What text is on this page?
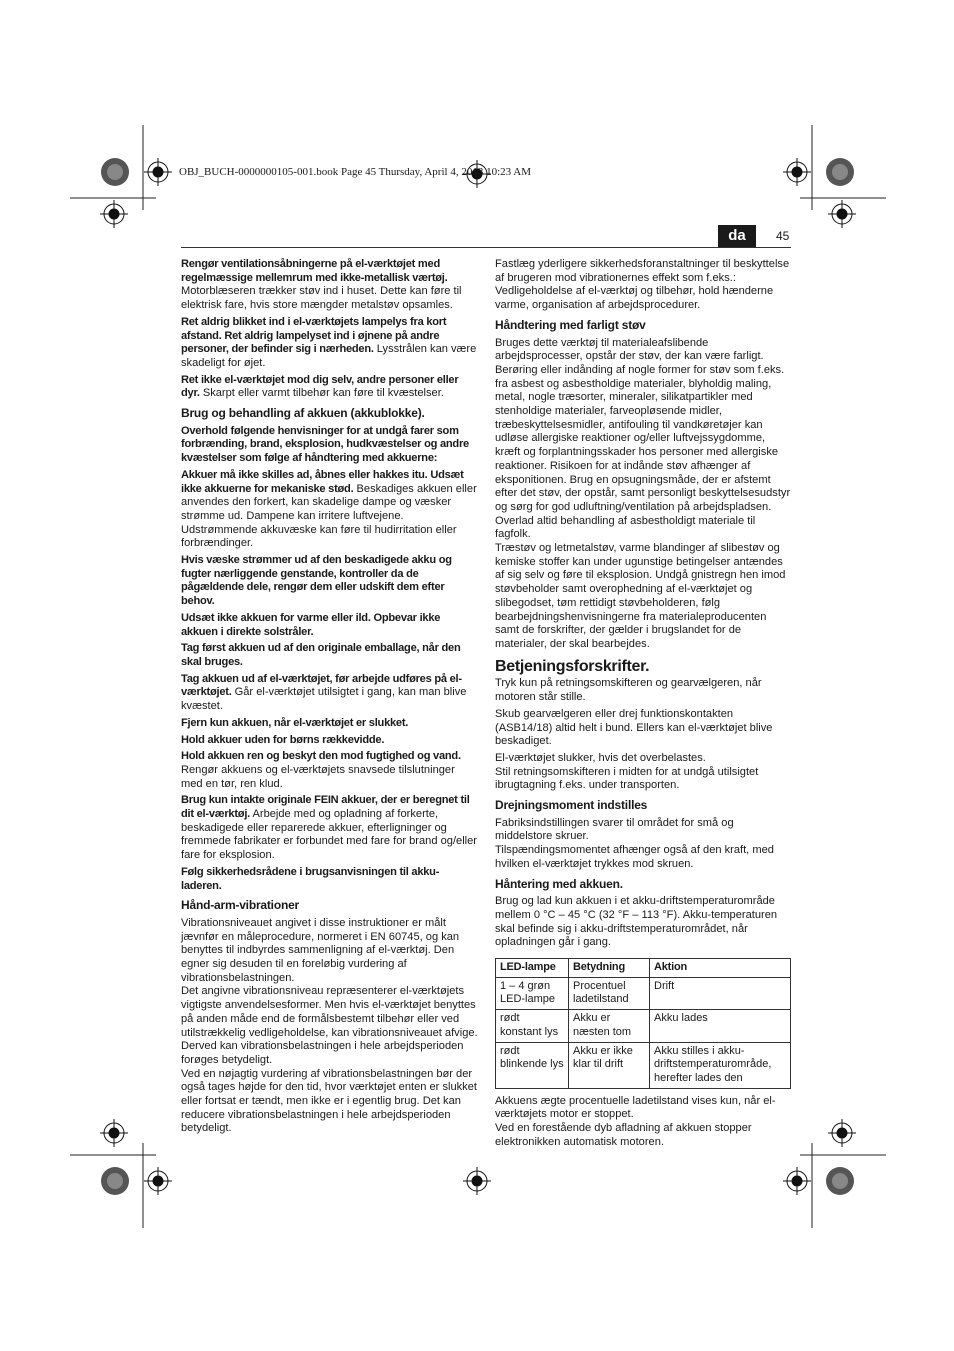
OBJ_BUCH-0000000105-001.book Page 45 Thursday, April 4, 2013 10:23 AM
da	45

Rengør ventilationsåbningerne på el-værktøjet med regelmæssige mellemrum med ikke-metallisk værtøj. Motorblæseren trækker støv ind i huset. Dette kan føre til elektrisk fare, hvis store mængder metalstøv opsamles.

Ret aldrig blikket ind i el-værktøjets lampelys fra kort afstand. Ret aldrig lampelyset ind i øjnene på andre personer, der befinder sig i nærheden. Lysstrålen kan være skadeligt for øjet.

Ret ikke el-værktøjet mod dig selv, andre personer eller dyr. Skarpt eller varmt tilbehør kan føre til kvæstelser.

Brug og behandling af akkuen (akkublokke).

Overhold følgende henvisninger for at undgå farer som forbrænding, brand, eksplosion, hudkvæstelser og andre kvæstelser som følge af håndtering med akkuerne:

Akkuer må ikke skilles ad, åbnes eller hakkes itu. Udsæt ikke akkuerne for mekaniske stød. Beskadiges akkuen eller anvendes den forkert, kan skadelige dampe og væsker strømme ud. Dampene kan irritere luftvejene. Udstrømmende akkuvæske kan føre til hudirritation eller forbrændinger.

Hvis væske strømmer ud af den beskadigede akku og fugter nærliggende genstande, kontroller da de pågældende dele, rengør dem eller udskift dem efter behov.

Udsæt ikke akkuen for varme eller ild. Opbevar ikke akkuen i direkte solstråler.

Tag først akkuen ud af den originale emballage, når den skal bruges.

Tag akkuen ud af el-værktøjet, før arbejde udføres på el-værktøjet. Går el-værktøjet utilsigtet i gang, kan man blive kvæstet.

Fjern kun akkuen, når el-værktøjet er slukket.

Hold akkuer uden for børns rækkevidde.

Hold akkuen ren og beskyt den mod fugtighed og vand. Rengør akkuens og el-værktøjets snavsede tilslutninger med en tør, ren klud.

Brug kun intakte originale FEIN akkuer, der er beregnet til dit el-værktøj. Arbejde med og opladning af forkerte, beskadigede eller reparerede akkuer, efterligninger og fremmede fabrikater er forbundet med fare for brand og/eller fare for eksplosion.

Følg sikkerhedsrådene i brugsanvisningen til akku-laderen.

Hånd-arm-vibrationer

Vibrationsniveauet angivet i disse instruktioner er målt jævnfør en måleprocedure, normeret i EN 60745, og kan benyttes til indbyrdes sammenligning af el-værktøj. Den egner sig desuden til en foreløbig vurdering af vibrationsbelastningen.

Det angivne vibrationsniveau repræsenterer el-værktøjets vigtigste anvendelsesformer. Men hvis el-værktøjet benyttes på anden måde end de formålsbestemt tilbehør eller ved utilstrækkelig vedligeholdelse, kan vibrationsniveauet afvige. Derved kan vibrationsbelastningen i hele arbejdsperioden forøges betydeligt.

Ved en nøjagtig vurdering af vibrationsbelastningen bør der også tages højde for den tid, hvor værktøjet enten er slukket eller fortsat er tændt, men ikke er i egentlig brug. Det kan reducere vibrationsbelastningen i hele arbejdsperioden betydeligt.

Fastlæg yderligere sikkerhedsforanstaltninger til beskyttelse af brugeren mod vibrationernes effekt som f.eks.: Vedligeholdelse af el-værktøj og tilbehør, hold hænderne varme, organisation af arbejdsprocedurer.

Håndtering med farligt støv

Bruges dette værktøj til materialeafslibende arbejdsprocesser, opstår der støv, der kan være farligt.

Berøring eller indånding af nogle former for støv som f.eks. fra asbest og asbestholdige materialer, blyholdig maling, metal, nogle træsorter, mineraler, silikatpartikler med stenholdige materialer, farveopløsende midler, træbeskyttelsesmidler, antifouling til vandkøretøjer kan udløse allergiske reaktioner og/eller luftvejssygdomme, kræft og forplantningsskader hos personer med allergiske reaktioner. Risikoen for at indånde støv afhænger af eksponitionen. Brug en opsugningsmåde, der er afstemt efter det støv, der opstår, samt personligt beskyttelsesudstyr og sørg for god udluftning/ventilation på arbejdspladsen. Overlad altid behandling af asbestholdigt materiale til fagfolk.

Træstøv og letmetalstøv, varme blandinger af slibestøv og kemiske stoffer kan under ugunstige betingelser antændes af sig selv og føre til eksplosion. Undgå gnistregn hen imod støvbeholder samt overophedning af el-værktøjet og slibegodset, tøm rettidigt støvbeholderen, følg bearbejdningshenvisningerne fra materialeproducenten samt de forskrifter, der gælder i brugslandet for de materialer, der skal bearbejdes.

Betjeningsforskrifter.

Tryk kun på retningsomskifteren og gearvælgeren, når motoren står stille.

Skub gearvælgeren eller drej funktionskontakten (ASB14/18) altid helt i bund. Ellers kan el-værktøjet blive beskadiget.

El-værktøjet slukker, hvis det overbelastes.

Stil retningsomskifteren i midten for at undgå utilsigtet ibrugtagning f.eks. under transporten.

Drejningsmoment indstilles

Fabriksindstillingen svarer til området for små og middelstore skruer.

Tilspændingsmomentet afhænger også af den kraft, med hvilken el-værktøjet trykkes mod skruen.

Håntering med akkuen.

Brug og lad kun akkuen i et akku-driftstemperaturområde mellem 0 °C – 45 °C (32 °F – 113 °F). Akku-temperaturen skal befinde sig i akku-driftstemperaturområdet, når opladningen går i gang.

LED-lampe	Betydning	Aktion
1 – 4 grøn LED-lampe	Procentuel ladetilstand	Drift
rødt konstant lys	Akku er næsten tom	Akku lades
rødt blinkende lys	Akku er ikke klar til drift	Akku stilles i akku-driftstemperaturområde, herefter lades den

Akkuens ægte procentuelle ladetilstand vises kun, når el-værktøjets motor er stoppet.

Ved en forestående dyb afladning af akkuen stopper elektronikken automatisk motoren.
